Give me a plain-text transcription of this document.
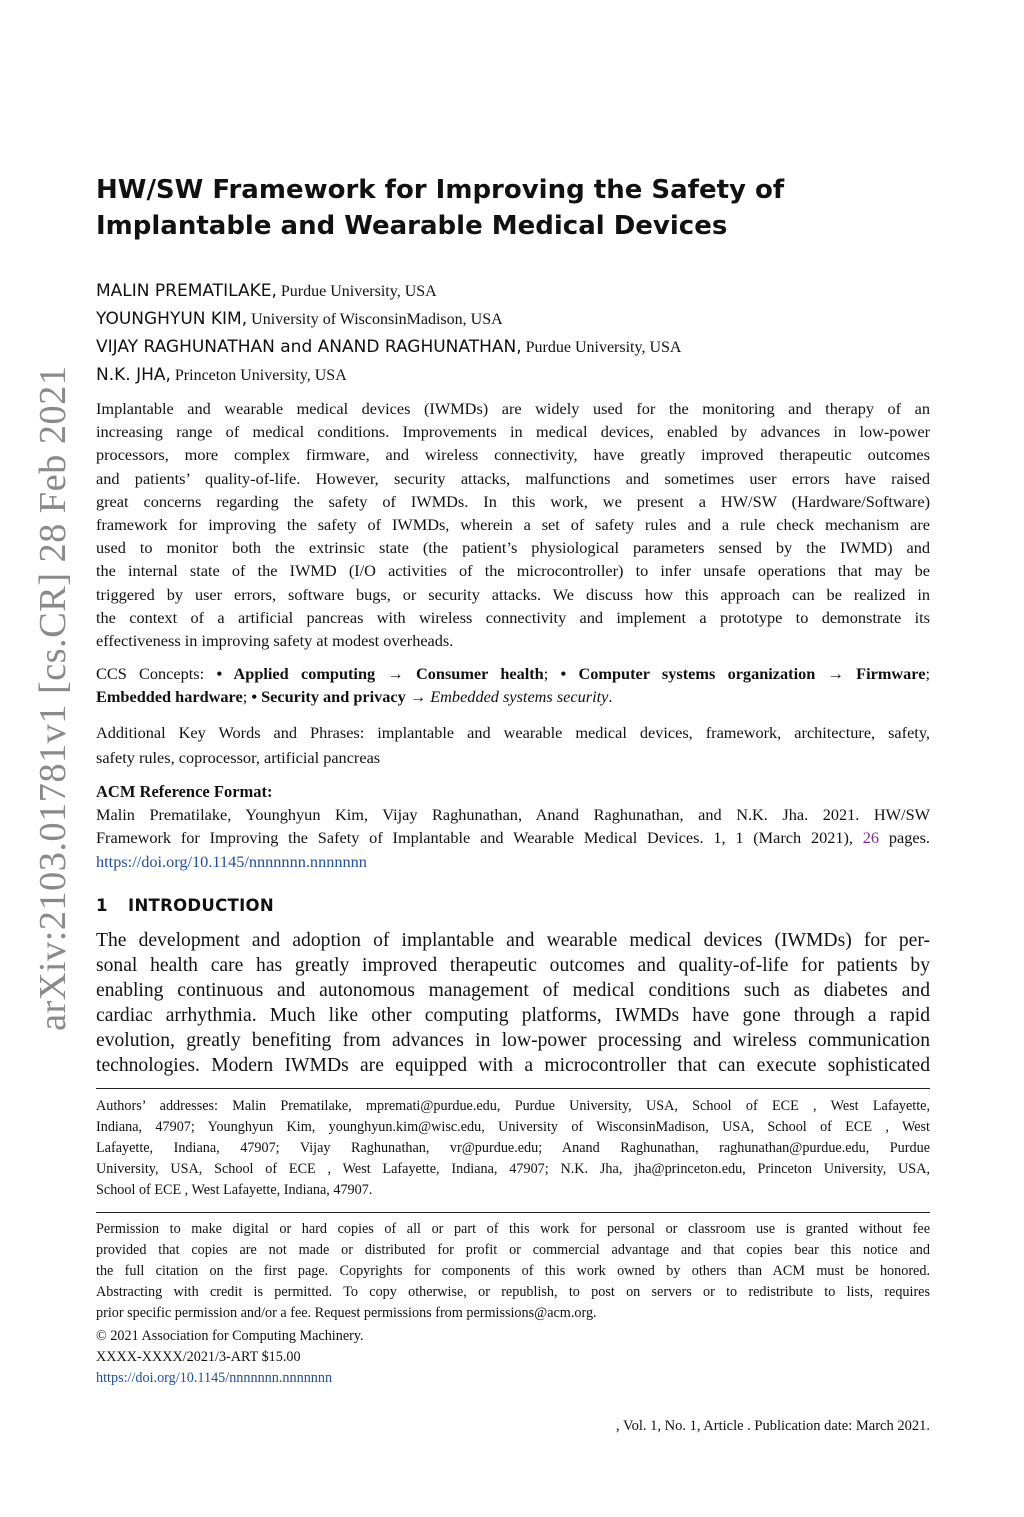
arXiv:2103.01781v1 [cs.CR] 28 Feb 2021
HW/SW Framework for Improving the Safety of
Implantable and Wearable Medical Devices
MALIN PREMATILAKE, Purdue University, USA
YOUNGHYUN KIM, University of WisconsinMadison, USA
VIJAY RAGHUNATHAN and ANAND RAGHUNATHAN, Purdue University, USA
N.K. JHA, Princeton University, USA
Implantable and wearable medical devices (IWMDs) are widely used for the monitoring and therapy of an
increasing range of medical conditions. Improvements in medical devices, enabled by advances in low-power
processors, more complex firmware, and wireless connectivity, have greatly improved therapeutic outcomes
and patients’ quality-of-life. However, security attacks, malfunctions and sometimes user errors have raised
great concerns regarding the safety of IWMDs. In this work, we present a HW/SW (Hardware/Software)
framework for improving the safety of IWMDs, wherein a set of safety rules and a rule check mechanism are
used to monitor both the extrinsic state (the patient’s physiological parameters sensed by the IWMD) and
the internal state of the IWMD (I/O activities of the microcontroller) to infer unsafe operations that may be
triggered by user errors, software bugs, or security attacks. We discuss how this approach can be realized in
the context of a artificial pancreas with wireless connectivity and implement a prototype to demonstrate its
effectiveness in improving safety at modest overheads.
CCS Concepts: • Applied computing → Consumer health; • Computer systems organization → Firmware;
Embedded hardware; • Security and privacy → Embedded systems security.
Additional Key Words and Phrases: implantable and wearable medical devices, framework, architecture, safety,
safety rules, coprocessor, artificial pancreas
ACM Reference Format:
Malin Prematilake, Younghyun Kim, Vijay Raghunathan, Anand Raghunathan, and N.K. Jha. 2021. HW/SW
Framework for Improving the Safety of Implantable and Wearable Medical Devices. 1, 1 (March 2021), 26 pages.
https://doi.org/10.1145/nnnnnnn.nnnnnnn
1 INTRODUCTION
The development and adoption of implantable and wearable medical devices (IWMDs) for per-
sonal health care has greatly improved therapeutic outcomes and quality-of-life for patients by
enabling continuous and autonomous management of medical conditions such as diabetes and
cardiac arrhythmia. Much like other computing platforms, IWMDs have gone through a rapid
evolution, greatly benefiting from advances in low-power processing and wireless communication
technologies. Modern IWMDs are equipped with a microcontroller that can execute sophisticated
Authors’ addresses: Malin Prematilake, mpremati@purdue.edu, Purdue University, USA, School of ECE , West Lafayette,
Indiana, 47907; Younghyun Kim, younghyun.kim@wisc.edu, University of WisconsinMadison, USA, School of ECE , West
Lafayette, Indiana, 47907; Vijay Raghunathan, vr@purdue.edu; Anand Raghunathan, raghunathan@purdue.edu, Purdue
University, USA, School of ECE , West Lafayette, Indiana, 47907; N.K. Jha, jha@princeton.edu, Princeton University, USA,
School of ECE , West Lafayette, Indiana, 47907.
Permission to make digital or hard copies of all or part of this work for personal or classroom use is granted without fee
provided that copies are not made or distributed for profit or commercial advantage and that copies bear this notice and
the full citation on the first page. Copyrights for components of this work owned by others than ACM must be honored.
Abstracting with credit is permitted. To copy otherwise, or republish, to post on servers or to redistribute to lists, requires
prior specific permission and/or a fee. Request permissions from permissions@acm.org.
© 2021 Association for Computing Machinery.
XXXX-XXXX/2021/3-ART $15.00
https://doi.org/10.1145/nnnnnnn.nnnnnnn
, Vol. 1, No. 1, Article . Publication date: March 2021.
